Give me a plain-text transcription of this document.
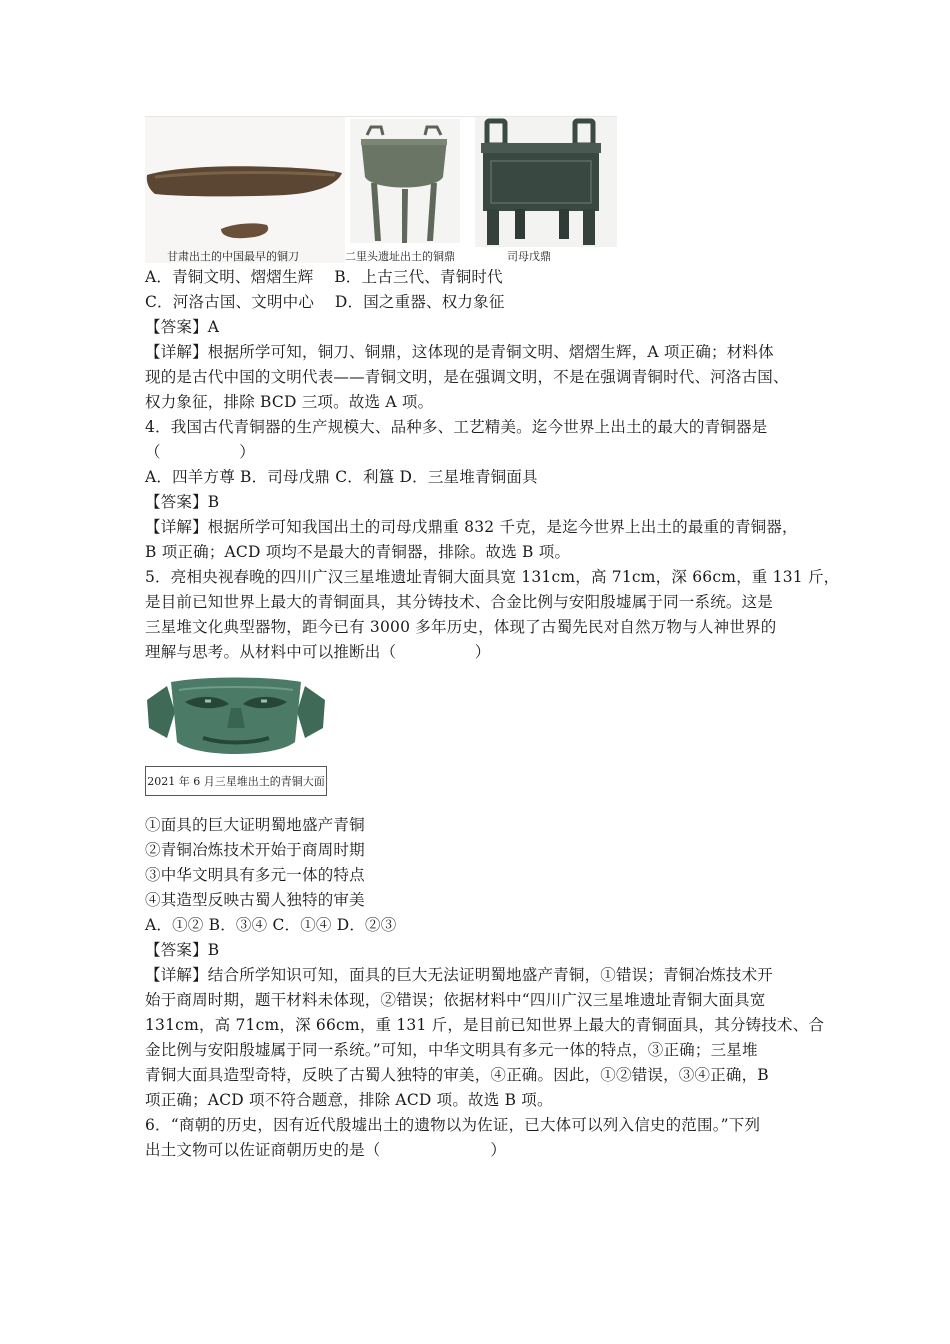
甘肃出土的中国最早的铜刀	二里头遗址出土的铜鼎	司母戊鼎
A．青铜文明、熠熠生辉　 B．上古三代、青铜时代
C．河洛古国、文明中心　 D．国之重器、权力象征
【答案】A
【详解】根据所学可知，铜刀、铜鼎，这体现的是青铜文明、熠熠生辉，A 项正确；材料体
现的是古代中国的文明代表——青铜文明，是在强调文明，不是在强调青铜时代、河洛古国、
权力象征，排除 BCD 三项。故选 A 项。
4．我国古代青铜器的生产规模大、品种多、工艺精美。迄今世界上出土的最大的青铜器是
（　　　　　）
A．四羊方尊 B．司母戊鼎 C．利簋 D．三星堆青铜面具
【答案】B
【详解】根据所学可知我国出土的司母戊鼎重 832 千克，是迄今世界上出土的最重的青铜器，
B 项正确；ACD 项均不是最大的青铜器，排除。故选 B 项。
5．亮相央视春晚的四川广汉三星堆遗址青铜大面具宽 131cm，高 71cm，深 66cm，重 131 斤，
是目前已知世界上最大的青铜面具，其分铸技术、合金比例与安阳殷墟属于同一系统。这是
三星堆文化典型器物，距今已有 3000 多年历史，体现了古蜀先民对自然万物与人神世界的
理解与思考。从材料中可以推断出（　　　　　）
2021 年 6 月三星堆出土的青铜大面
①面具的巨大证明蜀地盛产青铜
②青铜冶炼技术开始于商周时期
③中华文明具有多元一体的特点
④其造型反映古蜀人独特的审美
A．①② B．③④ C．①④ D．②③
【答案】B
【详解】结合所学知识可知，面具的巨大无法证明蜀地盛产青铜，①错误；青铜冶炼技术开
始于商周时期，题干材料未体现，②错误；依据材料中“四川广汉三星堆遗址青铜大面具宽
131cm，高 71cm，深 66cm，重 131 斤，是目前已知世界上最大的青铜面具，其分铸技术、合
金比例与安阳殷墟属于同一系统。”可知，中华文明具有多元一体的特点，③正确；三星堆
青铜大面具造型奇特，反映了古蜀人独特的审美，④正确。因此，①②错误，③④正确，B
项正确；ACD 项不符合题意，排除 ACD 项。故选 B 项。
6．“商朝的历史，因有近代殷墟出土的遗物以为佐证，已大体可以列入信史的范围。”下列
出土文物可以佐证商朝历史的是（　　　　　　　）
